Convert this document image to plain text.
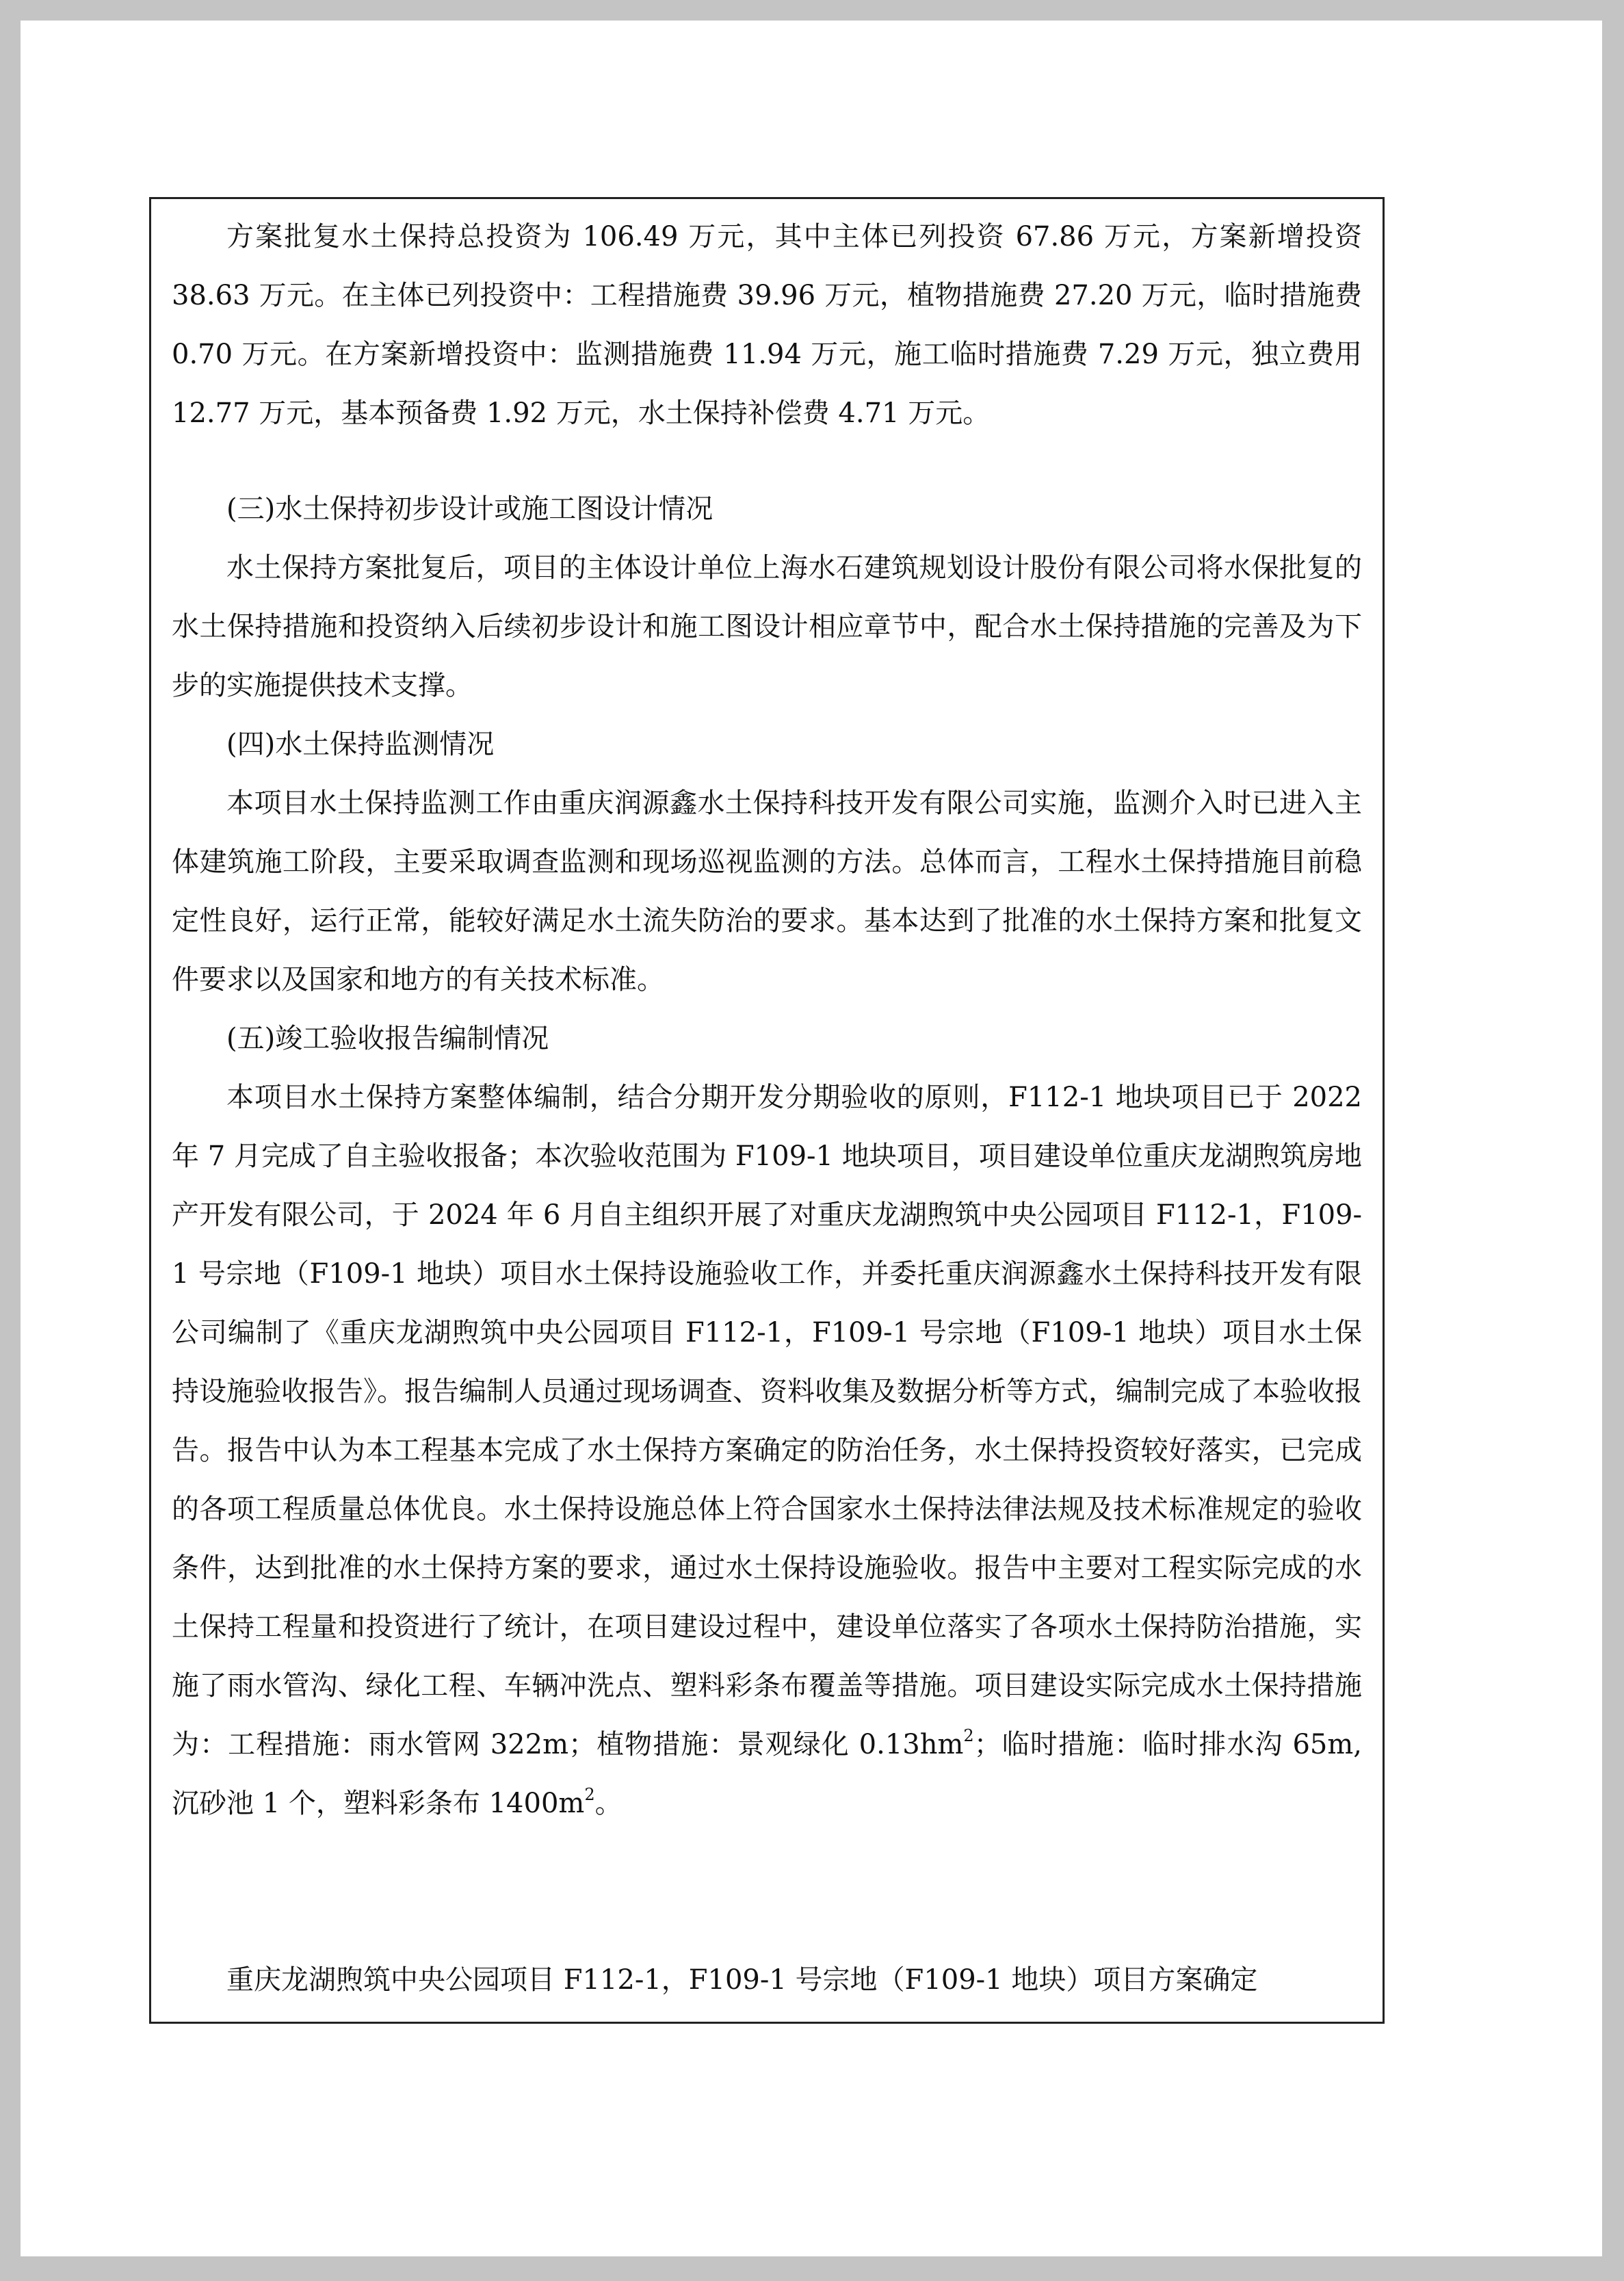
方案批复水土保持总投资为 106.49 万元，其中主体已列投资 67.86 万元，方案新增投资 38.63 万元。在主体已列投资中：工程措施费 39.96 万元，植物措施费 27.20 万元，临时措施费 0.70 万元。在方案新增投资中：监测措施费 11.94 万元，施工临时措施费 7.29 万元，独立费用 12.77 万元，基本预备费 1.92 万元，水土保持补偿费 4.71 万元。
(三)水土保持初步设计或施工图设计情况
水土保持方案批复后，项目的主体设计单位上海水石建筑规划设计股份有限公司将水保批复的水土保持措施和投资纳入后续初步设计和施工图设计相应章节中，配合水土保持措施的完善及为下步的实施提供技术支撑。
(四)水土保持监测情况
本项目水土保持监测工作由重庆润源鑫水土保持科技开发有限公司实施，监测介入时已进入主体建筑施工阶段，主要采取调查监测和现场巡视监测的方法。总体而言，工程水土保持措施目前稳定性良好，运行正常，能较好满足水土流失防治的要求。基本达到了批准的水土保持方案和批复文件要求以及国家和地方的有关技术标准。
(五)竣工验收报告编制情况
本项目水土保持方案整体编制，结合分期开发分期验收的原则，F112-1 地块项目已于 2022 年 7 月完成了自主验收报备；本次验收范围为 F109-1 地块项目，项目建设单位重庆龙湖煦筑房地产开发有限公司，于 2024 年 6 月自主组织开展了对重庆龙湖煦筑中央公园项目 F112-1，F109-1 号宗地（F109-1 地块）项目水土保持设施验收工作，并委托重庆润源鑫水土保持科技开发有限公司编制了《重庆龙湖煦筑中央公园项目 F112-1，F109-1 号宗地（F109-1 地块）项目水土保持设施验收报告》。报告编制人员通过现场调查、资料收集及数据分析等方式，编制完成了本验收报告。报告中认为本工程基本完成了水土保持方案确定的防治任务，水土保持投资较好落实，已完成的各项工程质量总体优良。水土保持设施总体上符合国家水土保持法律法规及技术标准规定的验收条件，达到批准的水土保持方案的要求，通过水土保持设施验收。报告中主要对工程实际完成的水土保持工程量和投资进行了统计，在项目建设过程中，建设单位落实了各项水土保持防治措施，实施了雨水管沟、绿化工程、车辆冲洗点、塑料彩条布覆盖等措施。项目建设实际完成水土保持措施为：工程措施：雨水管网 322m；植物措施：景观绿化 $0.13hm^2$；临时措施：临时排水沟 65m,沉砂池 1 个，塑料彩条布 $1400m^2$。
重庆龙湖煦筑中央公园项目 F112-1，F109-1 号宗地（F109-1 地块）项目方案确定
